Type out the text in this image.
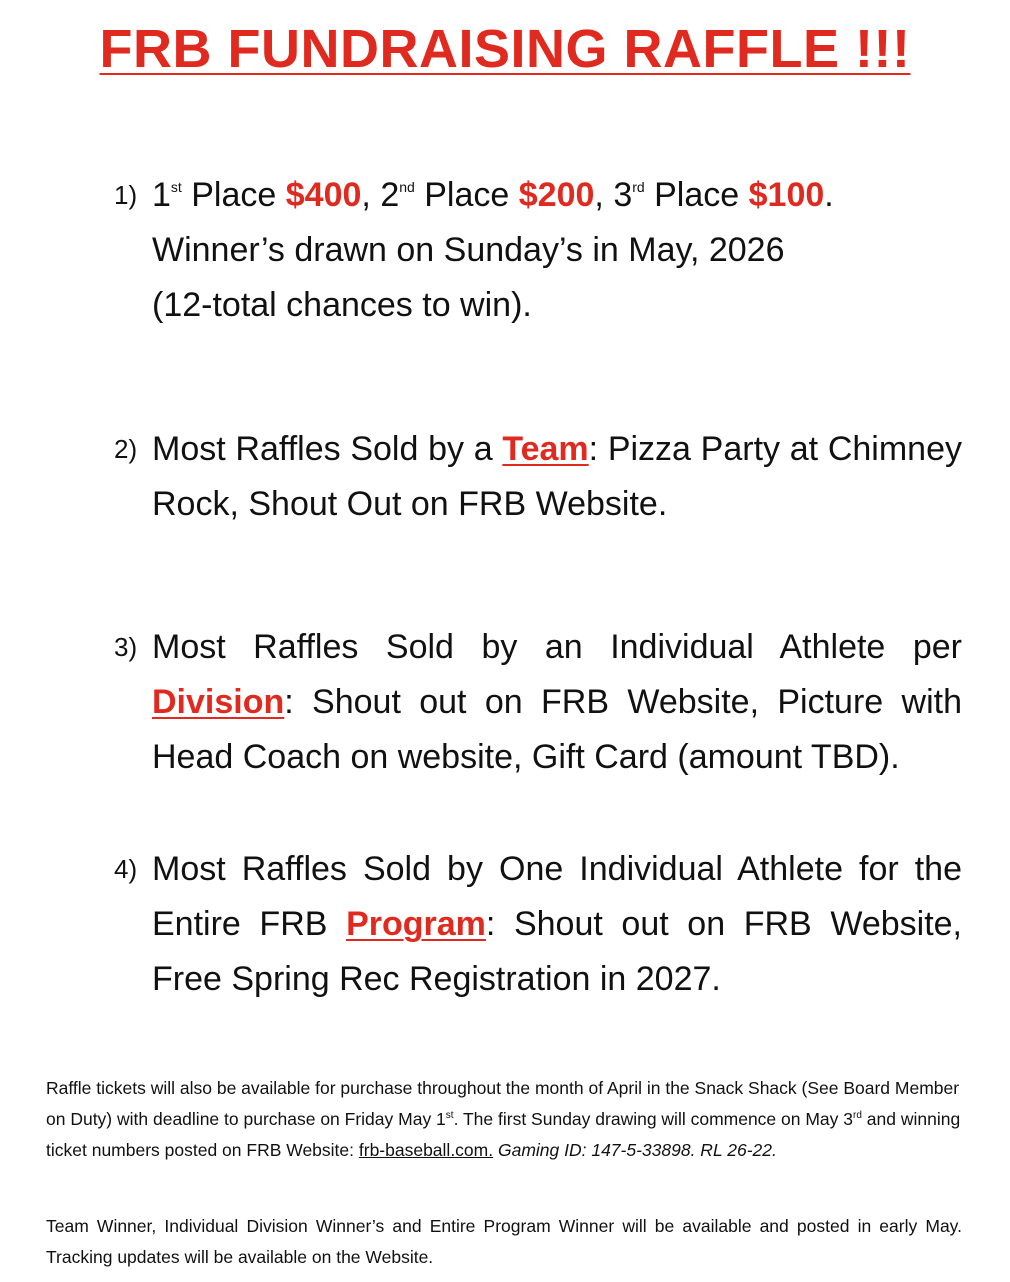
FRB FUNDRAISING RAFFLE !!!
1) 1st Place $400, 2nd Place $200, 3rd Place $100.
Winner’s drawn on Sunday’s in May, 2026
(12-total chances to win).
2) Most Raffles Sold by a Team: Pizza Party at Chimney Rock, Shout Out on FRB Website.
3) Most Raffles Sold by an Individual Athlete per Division: Shout out on FRB Website, Picture with Head Coach on website, Gift Card (amount TBD).
4) Most Raffles Sold by One Individual Athlete for the Entire FRB Program: Shout out on FRB Website, Free Spring Rec Registration in 2027.

Raffle tickets will also be available for purchase throughout the month of April in the Snack Shack (See Board Member on Duty) with deadline to purchase on Friday May 1st. The first Sunday drawing will commence on May 3rd and winning ticket numbers posted on FRB Website: frb-baseball.com. Gaming ID: 147-5-33898. RL 26-22.

Team Winner, Individual Division Winner’s and Entire Program Winner will be available and posted in early May. Tracking updates will be available on the Website.
